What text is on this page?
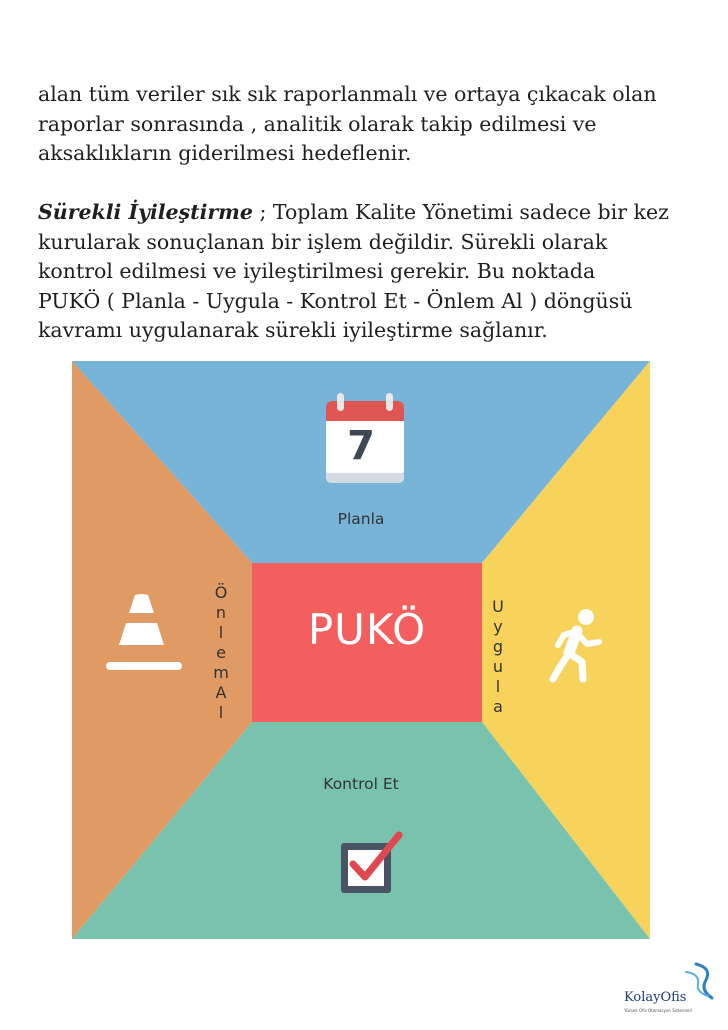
alan tüm veriler sık sık raporlanmalı ve ortaya çıkacak olan
raporlar sonrasında , analitik olarak takip edilmesi ve
aksaklıkların giderilmesi hedeflenir.
Sürekli İyileştirme ; Toplam Kalite Yönetimi sadece bir kez
kurularak sonuçlanan bir işlem değildir. Sürekli olarak
kontrol edilmesi ve iyileştirilmesi gerekir. Bu noktada
PUKÖ ( Planla - Uygula - Kontrol Et - Önlem Al ) döngüsü
kavramı uygulanarak sürekli iyileştirme sağlanır.
7
Planla
PUKÖ
Kontrol Et
Ö
n
l
e
m
A
l
U
y
g
u
l
a
KolayOfis
Yüksek Ofis Otomasyon Sistemleri
